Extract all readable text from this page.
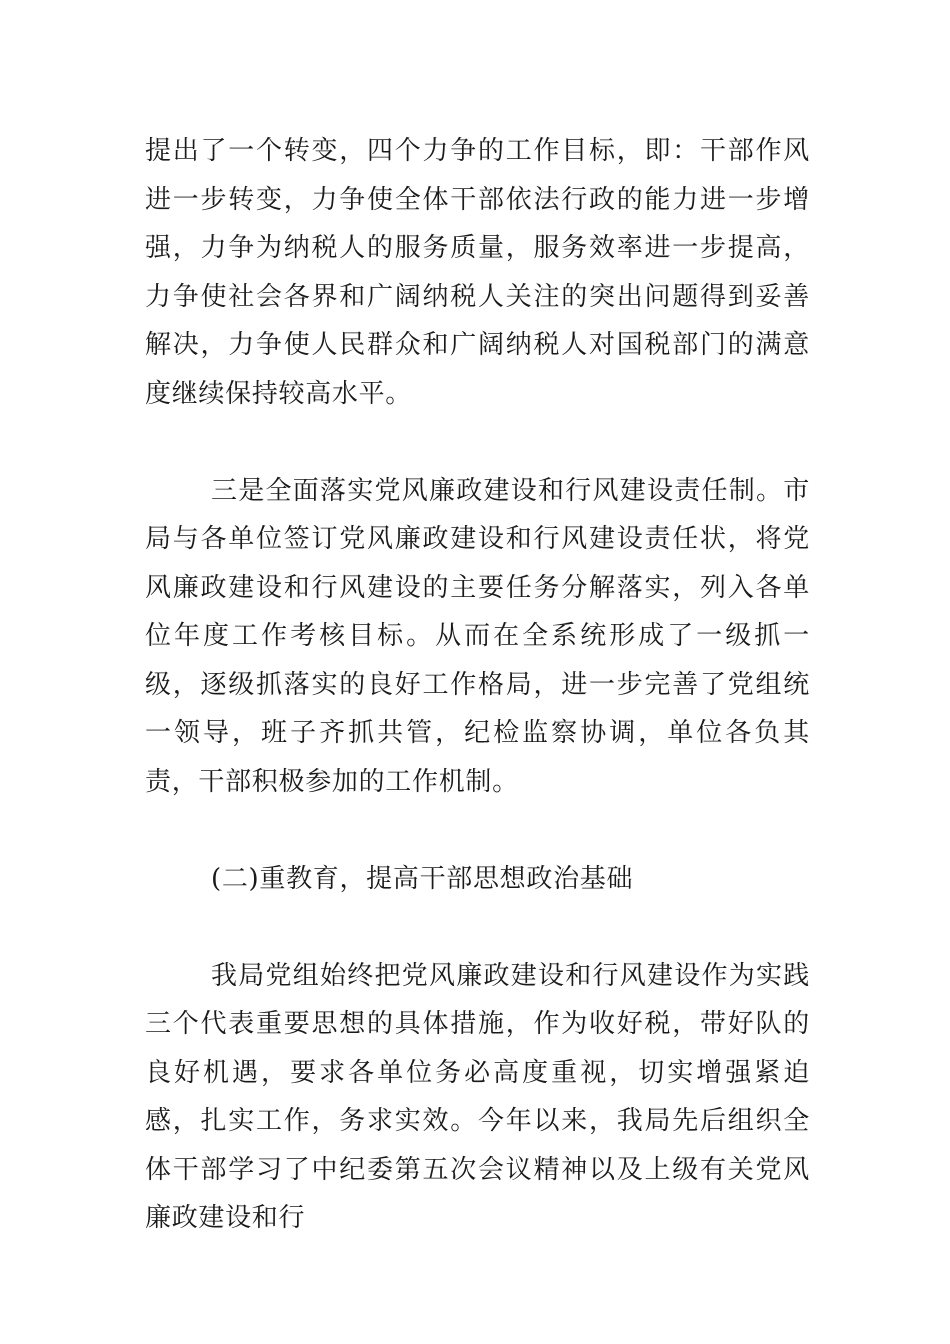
提出了一个转变，四个力争的工作目标，即：干部作风进一步转变，力争使全体干部依法行政的能力进一步增强，力争为纳税人的服务质量，服务效率进一步提高，力争使社会各界和广阔纳税人关注的突出问题得到妥善解决，力争使人民群众和广阔纳税人对国税部门的满意度继续保持较高水平。

三是全面落实党风廉政建设和行风建设责任制。市局与各单位签订党风廉政建设和行风建设责任状，将党风廉政建设和行风建设的主要任务分解落实，列入各单位年度工作考核目标。从而在全系统形成了一级抓一级，逐级抓落实的良好工作格局，进一步完善了党组统一领导，班子齐抓共管，纪检监察协调，单位各负其责，干部积极参加的工作机制。

(二)重教育，提高干部思想政治基础

我局党组始终把党风廉政建设和行风建设作为实践三个代表重要思想的具体措施，作为收好税，带好队的良好机遇，要求各单位务必高度重视，切实增强紧迫感，扎实工作，务求实效。今年以来，我局先后组织全体干部学习了中纪委第五次会议精神以及上级有关党风廉政建设和行
